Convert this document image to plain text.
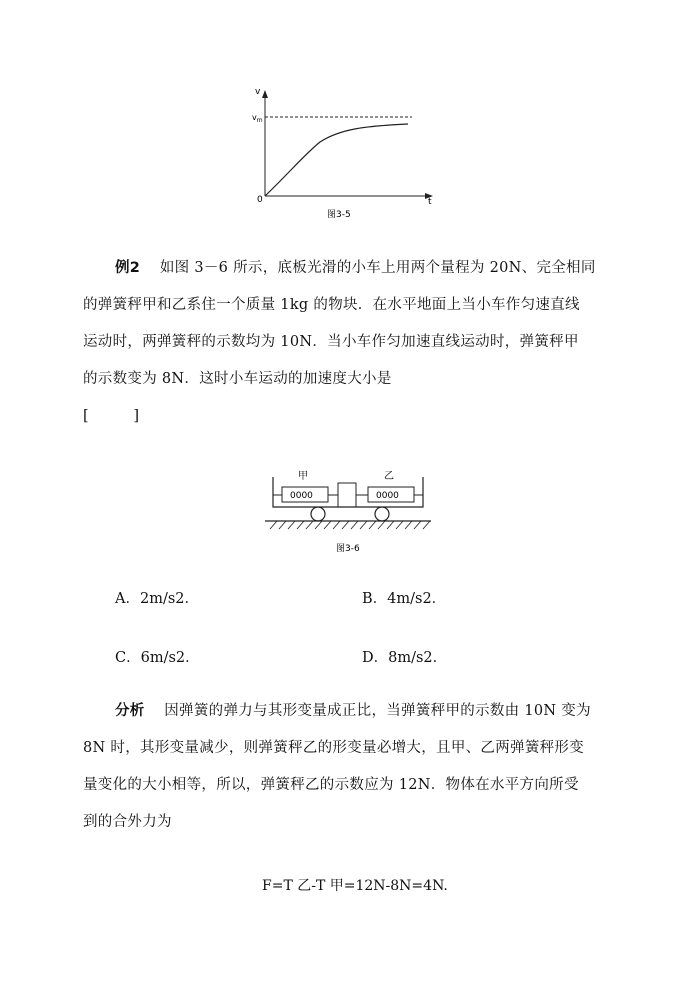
v
$v_m$
0	t
图3-5
例2 如图 3－6 所示，底板光滑的小车上用两个量程为 20N、完全相同
的弹簧秤甲和乙系住一个质量 1kg 的物块．在水平地面上当小车作匀速直线
运动时，两弹簧秤的示数均为 10N．当小车作匀加速直线运动时，弹簧秤甲
的示数变为 8N．这时小车运动的加速度大小是
[　　　]
0000	0000
甲	乙
图3-6
A．2m/s2．	B．4m/s2．
C．6m/s2．	D．8m/s2．
分析 因弹簧的弹力与其形变量成正比，当弹簧秤甲的示数由 10N 变为
8N 时，其形变量减少，则弹簧秤乙的形变量必增大，且甲、乙两弹簧秤形变
量变化的大小相等，所以，弹簧秤乙的示数应为 12N．物体在水平方向所受
到的合外力为
F=T 乙-T 甲=12N-8N=4N.
